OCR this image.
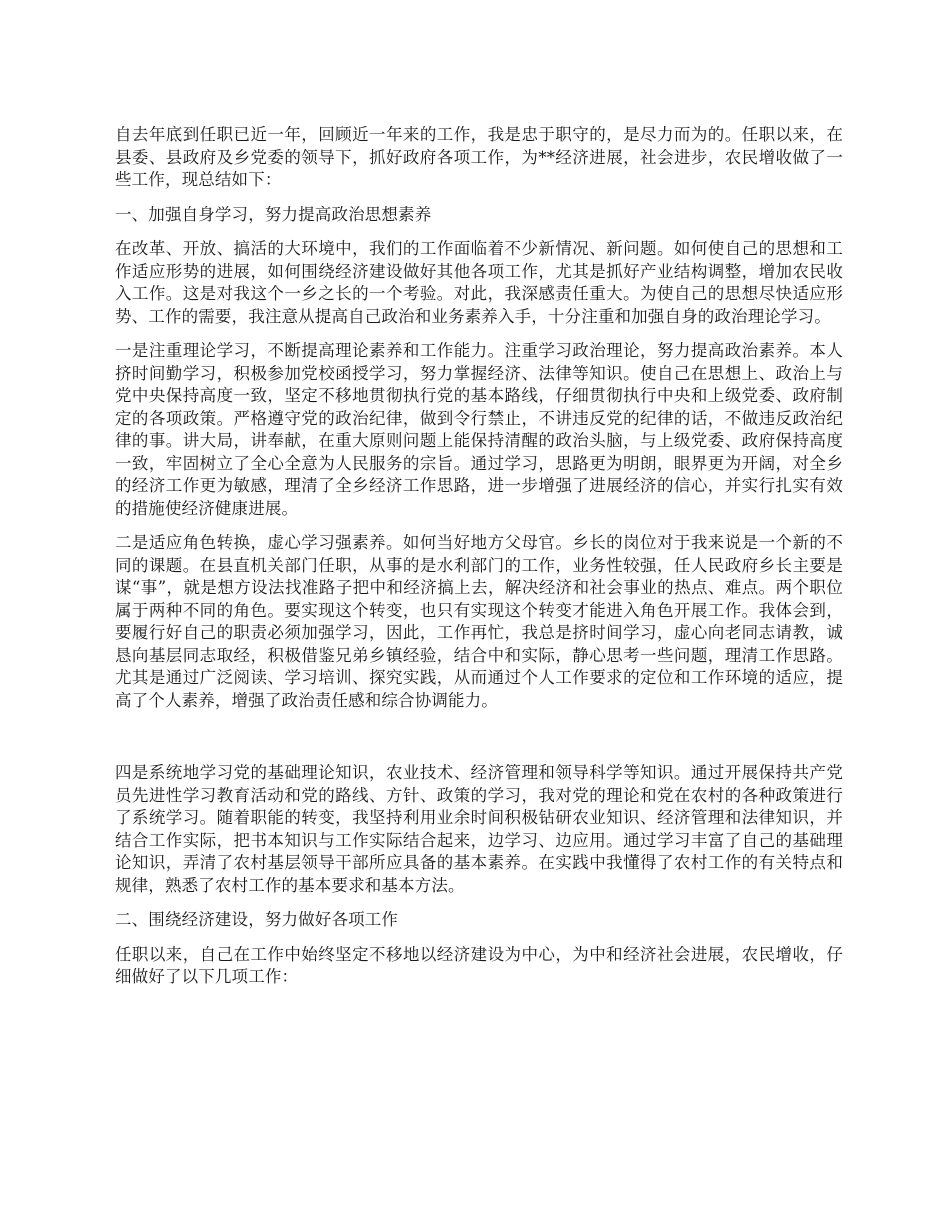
自去年底到任职已近一年，回顾近一年来的工作，我是忠于职守的，是尽力而为的。任职以来，在县委、县政府及乡党委的领导下，抓好政府各项工作，为**经济进展，社会进步，农民增收做了一些工作，现总结如下：

一、加强自身学习，努力提高政治思想素养

在改革、开放、搞活的大环境中，我们的工作面临着不少新情况、新问题。如何使自己的思想和工作适应形势的进展，如何围绕经济建设做好其他各项工作，尤其是抓好产业结构调整，增加农民收入工作。这是对我这个一乡之长的一个考验。对此，我深感责任重大。为使自己的思想尽快适应形势、工作的需要，我注意从提高自己政治和业务素养入手，十分注重和加强自身的政治理论学习。

一是注重理论学习，不断提高理论素养和工作能力。注重学习政治理论，努力提高政治素养。本人挤时间勤学习，积极参加党校函授学习，努力掌握经济、法律等知识。使自己在思想上、政治上与党中央保持高度一致，坚定不移地贯彻执行党的基本路线，仔细贯彻执行中央和上级党委、政府制定的各项政策。严格遵守党的政治纪律，做到令行禁止，不讲违反党的纪律的话，不做违反政治纪律的事。讲大局，讲奉献，在重大原则问题上能保持清醒的政治头脑，与上级党委、政府保持高度一致，牢固树立了全心全意为人民服务的宗旨。通过学习，思路更为明朗，眼界更为开阔，对全乡的经济工作更为敏感，理清了全乡经济工作思路，进一步增强了进展经济的信心，并实行扎实有效的措施使经济健康进展。

二是适应角色转换，虚心学习强素养。如何当好地方父母官。乡长的岗位对于我来说是一个新的不同的课题。在县直机关部门任职，从事的是水利部门的工作，业务性较强，任人民政府乡长主要是谋“事”，就是想方设法找准路子把中和经济搞上去，解决经济和社会事业的热点、难点。两个职位属于两种不同的角色。要实现这个转变，也只有实现这个转变才能进入角色开展工作。我体会到，要履行好自己的职责必须加强学习，因此，工作再忙，我总是挤时间学习，虚心向老同志请教，诚恳向基层同志取经，积极借鉴兄弟乡镇经验，结合中和实际，静心思考一些问题，理清工作思路。尤其是通过广泛阅读、学习培训、探究实践，从而通过个人工作要求的定位和工作环境的适应，提高了个人素养，增强了政治责任感和综合协调能力。

四是系统地学习党的基础理论知识，农业技术、经济管理和领导科学等知识。通过开展保持共产党员先进性学习教育活动和党的路线、方针、政策的学习，我对党的理论和党在农村的各种政策进行了系统学习。随着职能的转变，我坚持利用业余时间积极钻研农业知识、经济管理和法律知识，并结合工作实际，把书本知识与工作实际结合起来，边学习、边应用。通过学习丰富了自己的基础理论知识，弄清了农村基层领导干部所应具备的基本素养。在实践中我懂得了农村工作的有关特点和规律，熟悉了农村工作的基本要求和基本方法。

二、围绕经济建设，努力做好各项工作

任职以来，自己在工作中始终坚定不移地以经济建设为中心，为中和经济社会进展，农民增收，仔细做好了以下几项工作：
